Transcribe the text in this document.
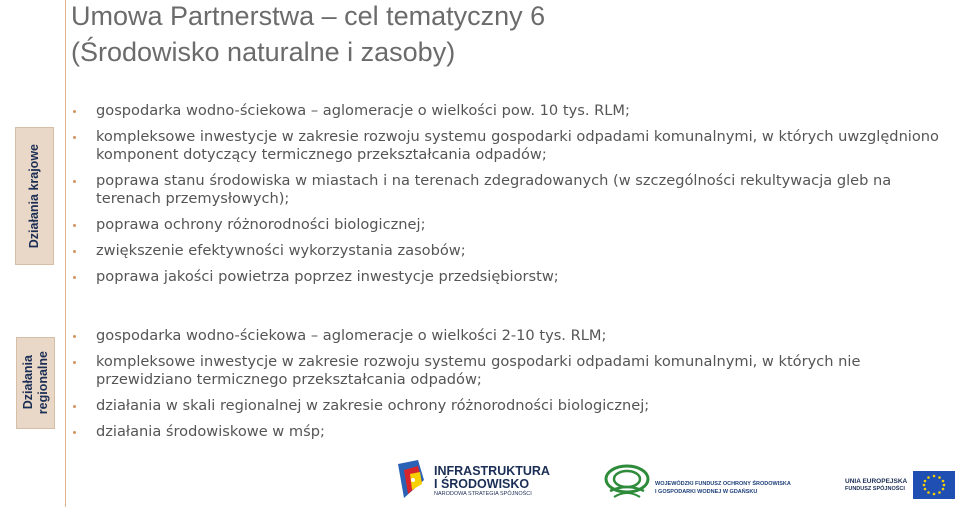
Umowa Partnerstwa – cel tematyczny 6
(Środowisko naturalne i zasoby)
Działania krajowe
gospodarka wodno-ściekowa – aglomeracje o wielkości pow. 10 tys. RLM;
kompleksowe inwestycje w zakresie rozwoju systemu gospodarki odpadami komunalnymi, w których uwzględniono komponent dotyczący termicznego przekształcania odpadów;
poprawa stanu środowiska w miastach i na terenach zdegradowanych (w szczególności rekultywacja gleb na terenach przemysłowych);
poprawa ochrony różnorodności biologicznej;
zwiększenie efektywności wykorzystania zasobów;
poprawa jakości powietrza poprzez inwestycje przedsiębiorstw;
Działania
regionalne
gospodarka wodno-ściekowa – aglomeracje o wielkości 2-10 tys. RLM;
kompleksowe inwestycje w zakresie rozwoju systemu gospodarki odpadami komunalnymi, w których nie przewidziano termicznego przekształcania odpadów;
działania w skali regionalnej w zakresie ochrony różnorodności biologicznej;
działania środowiskowe w mśp;
INFRASTRUKTURA
I ŚRODOWISKO
NARODOWA STRATEGIA SPÓJNOŚCI
WOJEWÓDZKI FUNDUSZ OCHRONY ŚRODOWISKA
I GOSPODARKI WODNEJ W GDAŃSKU
UNIA EUROPEJSKA
FUNDUSZ SPÓJNOŚCI
